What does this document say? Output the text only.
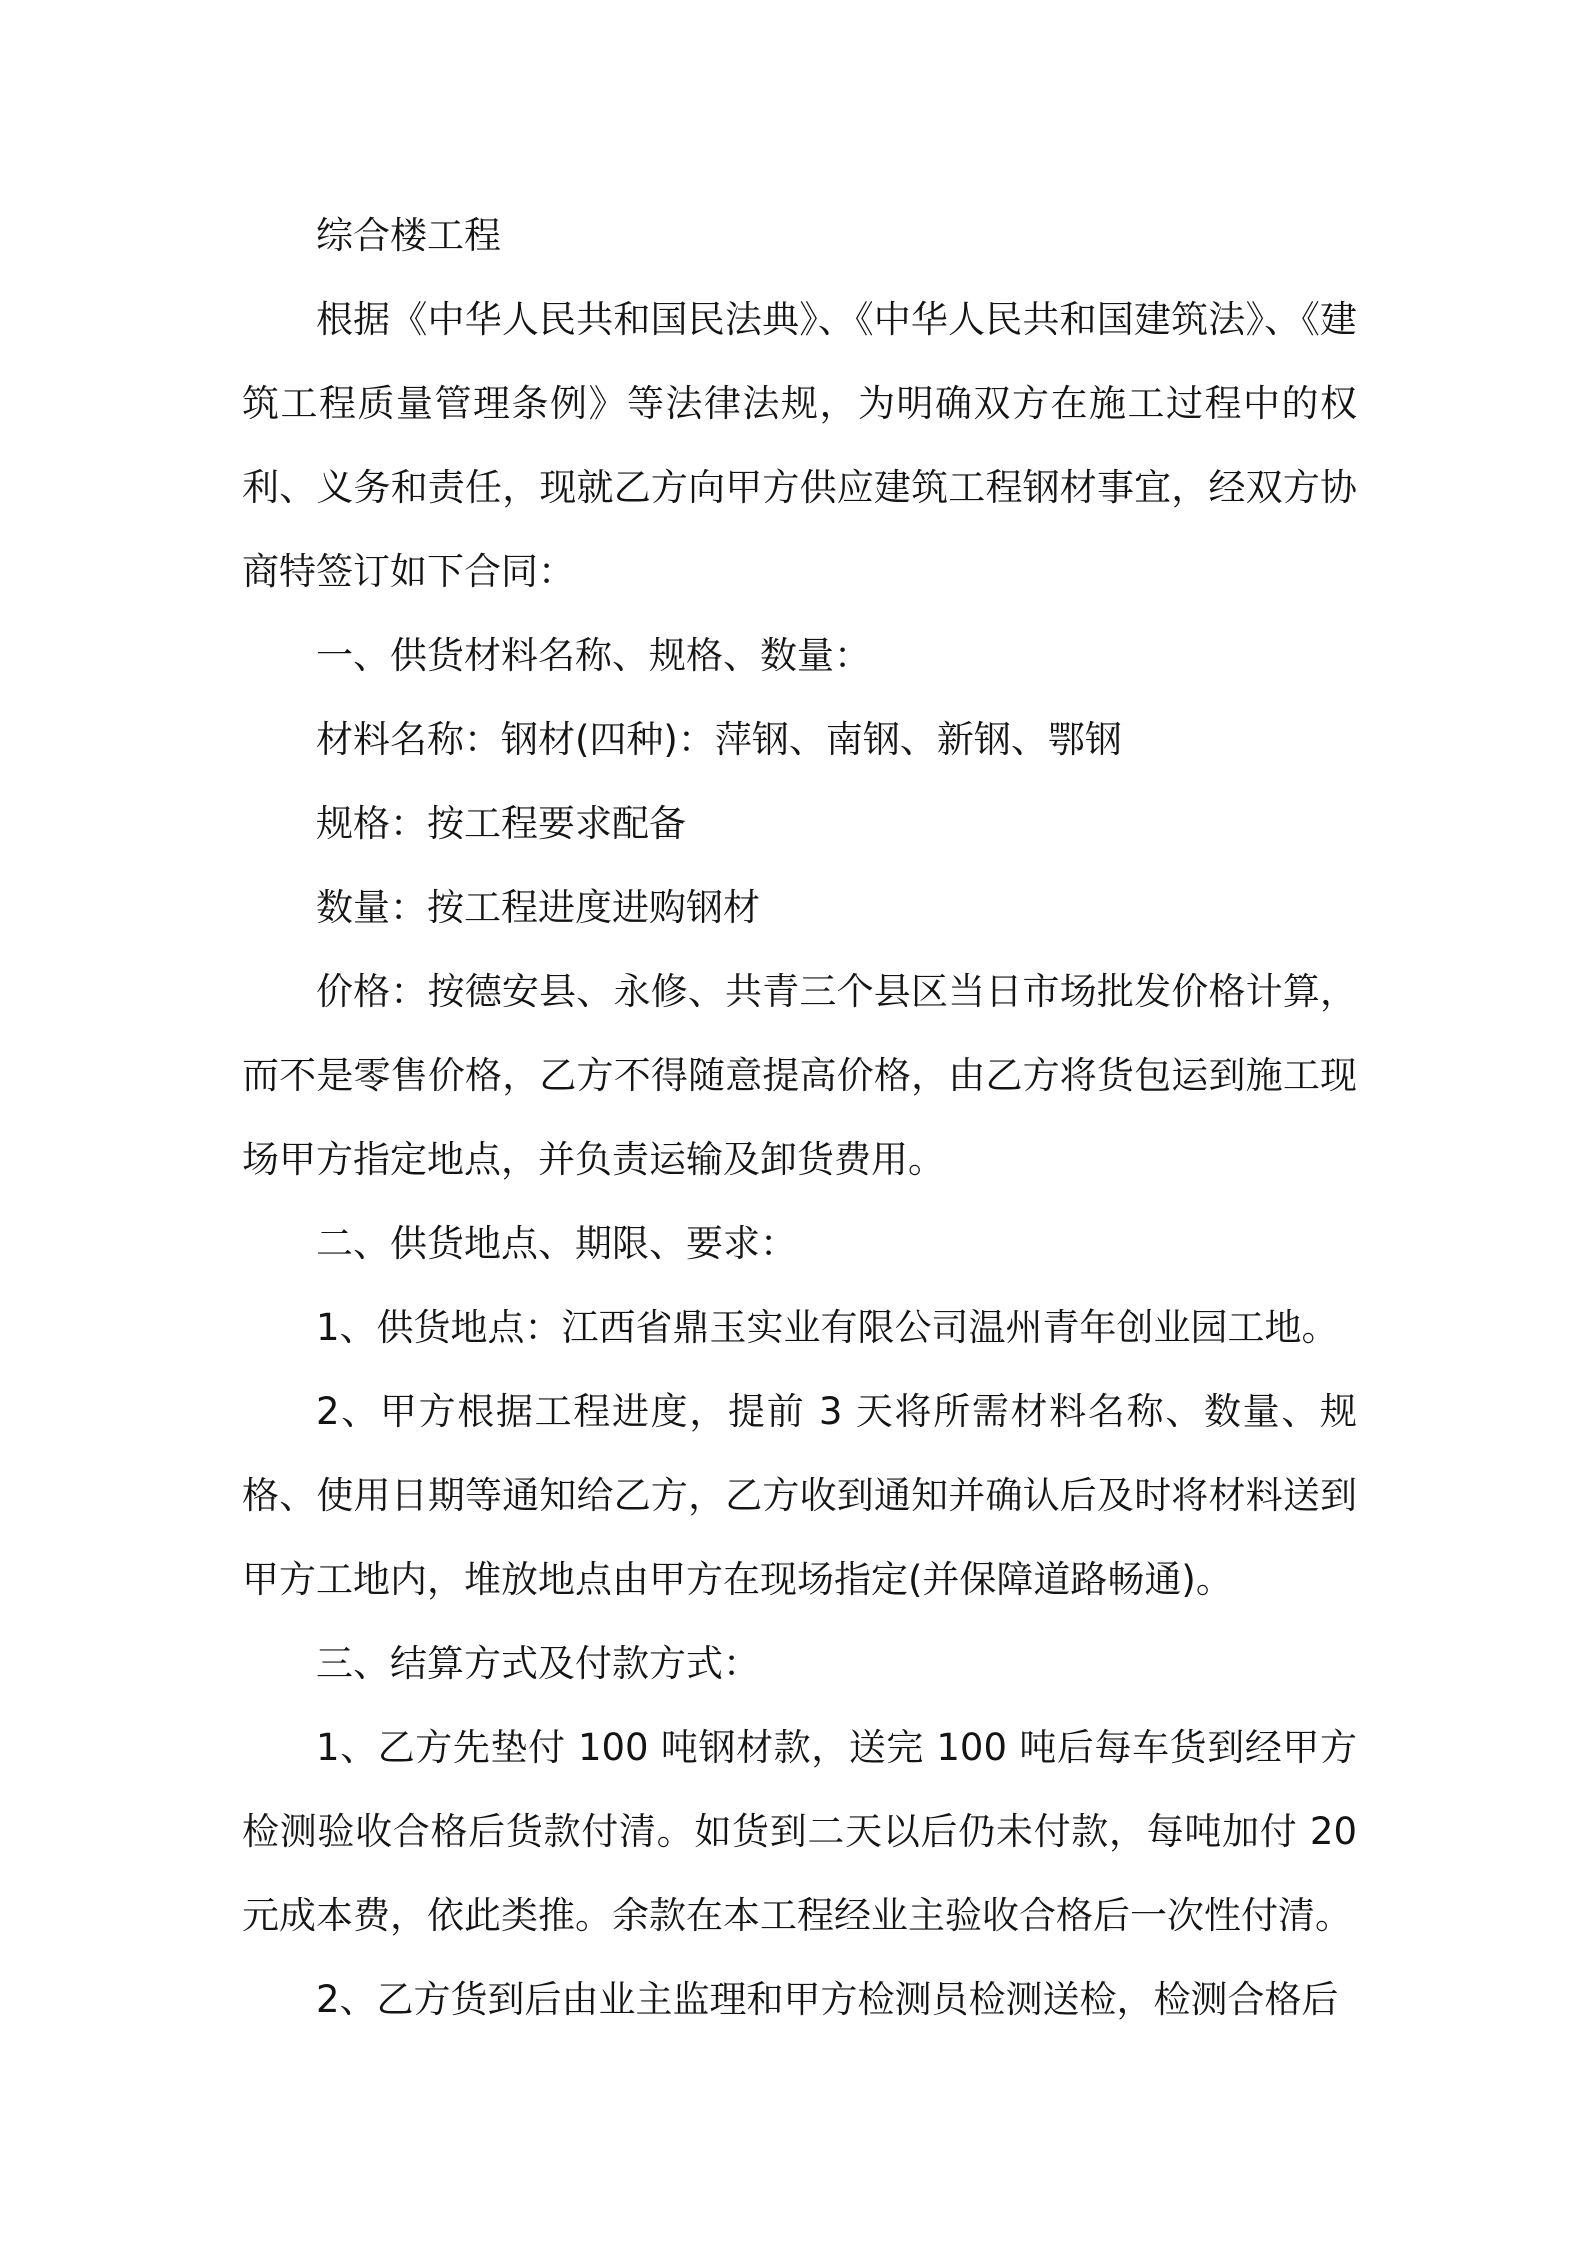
综合楼工程

根据《中华人民共和国民法典》、《中华人民共和国建筑法》、《建筑工程质量管理条例》等法律法规，为明确双方在施工过程中的权利、义务和责任，现就乙方向甲方供应建筑工程钢材事宜，经双方协商特签订如下合同：

一、供货材料名称、规格、数量：

材料名称：钢材(四种)：萍钢、南钢、新钢、鄂钢

规格：按工程要求配备

数量：按工程进度进购钢材

价格：按德安县、永修、共青三个县区当日市场批发价格计算，而不是零售价格，乙方不得随意提高价格，由乙方将货包运到施工现场甲方指定地点，并负责运输及卸货费用。

二、供货地点、期限、要求：

1、供货地点：江西省鼎玉实业有限公司温州青年创业园工地。

2、甲方根据工程进度，提前 3 天将所需材料名称、数量、规格、使用日期等通知给乙方，乙方收到通知并确认后及时将材料送到甲方工地内，堆放地点由甲方在现场指定(并保障道路畅通)。

三、结算方式及付款方式：

1、乙方先垫付 100 吨钢材款，送完 100 吨后每车货到经甲方检测验收合格后货款付清。如货到二天以后仍未付款，每吨加付 20 元成本费，依此类推。余款在本工程经业主验收合格后一次性付清。

2、乙方货到后由业主监理和甲方检测员检测送检，检测合格后
